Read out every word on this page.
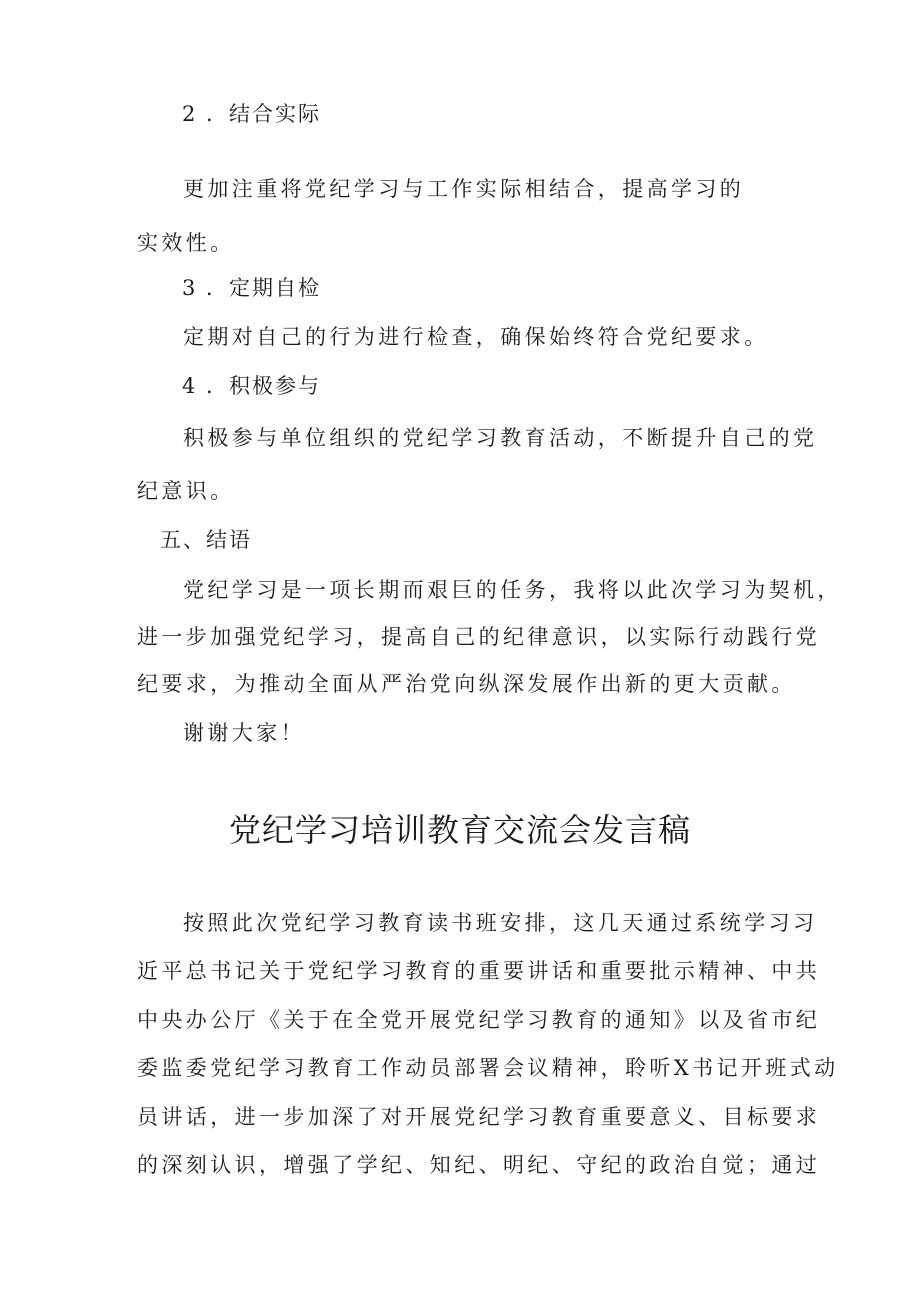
2 ．结合实际
更加注重将党纪学习与工作实际相结合，提高学习的
实效性。
3 ．定期自检
定期对自己的行为进行检查，确保始终符合党纪要求。
4 ．积极参与
积极参与单位组织的党纪学习教育活动，不断提升自己的党
纪意识。
五、结语
党纪学习是一项长期而艰巨的任务，我将以此次学习为契机，
进一步加强党纪学习，提高自己的纪律意识，以实际行动践行党
纪要求，为推动全面从严治党向纵深发展作出新的更大贡献。
谢谢大家！
党纪学习培训教育交流会发言稿
按照此次党纪学习教育读书班安排，这几天通过系统学习习
近平总书记关于党纪学习教育的重要讲话和重要批示精神、中共
中央办公厅《关于在全党开展党纪学习教育的通知》以及省市纪
委监委党纪学习教育工作动员部署会议精神，聆听X书记开班式动
员讲话，进一步加深了对开展党纪学习教育重要意义、目标要求
的深刻认识，增强了学纪、知纪、明纪、守纪的政治自觉；通过
